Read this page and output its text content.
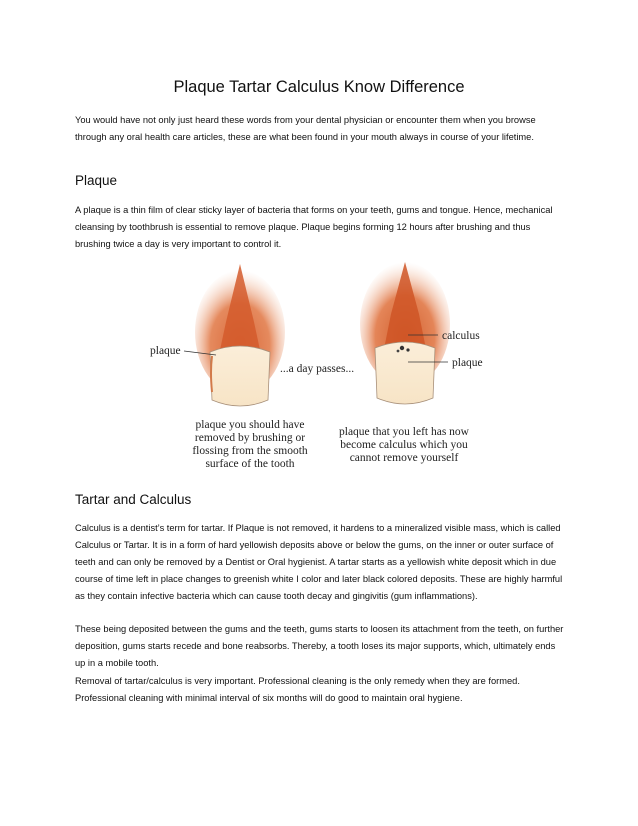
Plaque Tartar Calculus Know Difference

You would have not only just heard these words from your dental physician or encounter them when you browse through any oral health care articles, these are what been found in your mouth always in course of your lifetime.

Plaque

A plaque is a thin film of clear sticky layer of bacteria that forms on your teeth, gums and tongue. Hence, mechanical cleansing by toothbrush is essential to remove plaque. Plaque begins forming 12 hours after brushing and thus brushing twice a day is very important to control it.

plaque
...a day passes...
calculus
plaque
plaque you should have
removed by brushing or
flossing from the smooth
surface of the tooth
plaque that you left has now
become calculus which you
cannot remove yourself
Tartar and Calculus

Calculus is a dentist’s term for tartar. If Plaque is not removed, it hardens to a mineralized visible mass, which is called Calculus or Tartar. It is in a form of hard yellowish deposits above or below the gums, on the inner or outer surface of teeth and can only be removed by a Dentist or Oral hygienist. A tartar starts as a yellowish white deposit which in due course of time left in place changes to greenish white I color and later black colored deposits. These are highly harmful as they contain infective bacteria which can cause tooth decay and gingivitis (gum inflammations).

These being deposited between the gums and the teeth, gums starts to loosen its attachment from the teeth, on further deposition, gums starts recede and bone reabsorbs. Thereby, a tooth loses its major supports, which, ultimately ends up in a mobile tooth.

Removal of tartar/calculus is very important. Professional cleaning is the only remedy when they are formed. Professional cleaning with minimal interval of six months will do good to maintain oral hygiene.
